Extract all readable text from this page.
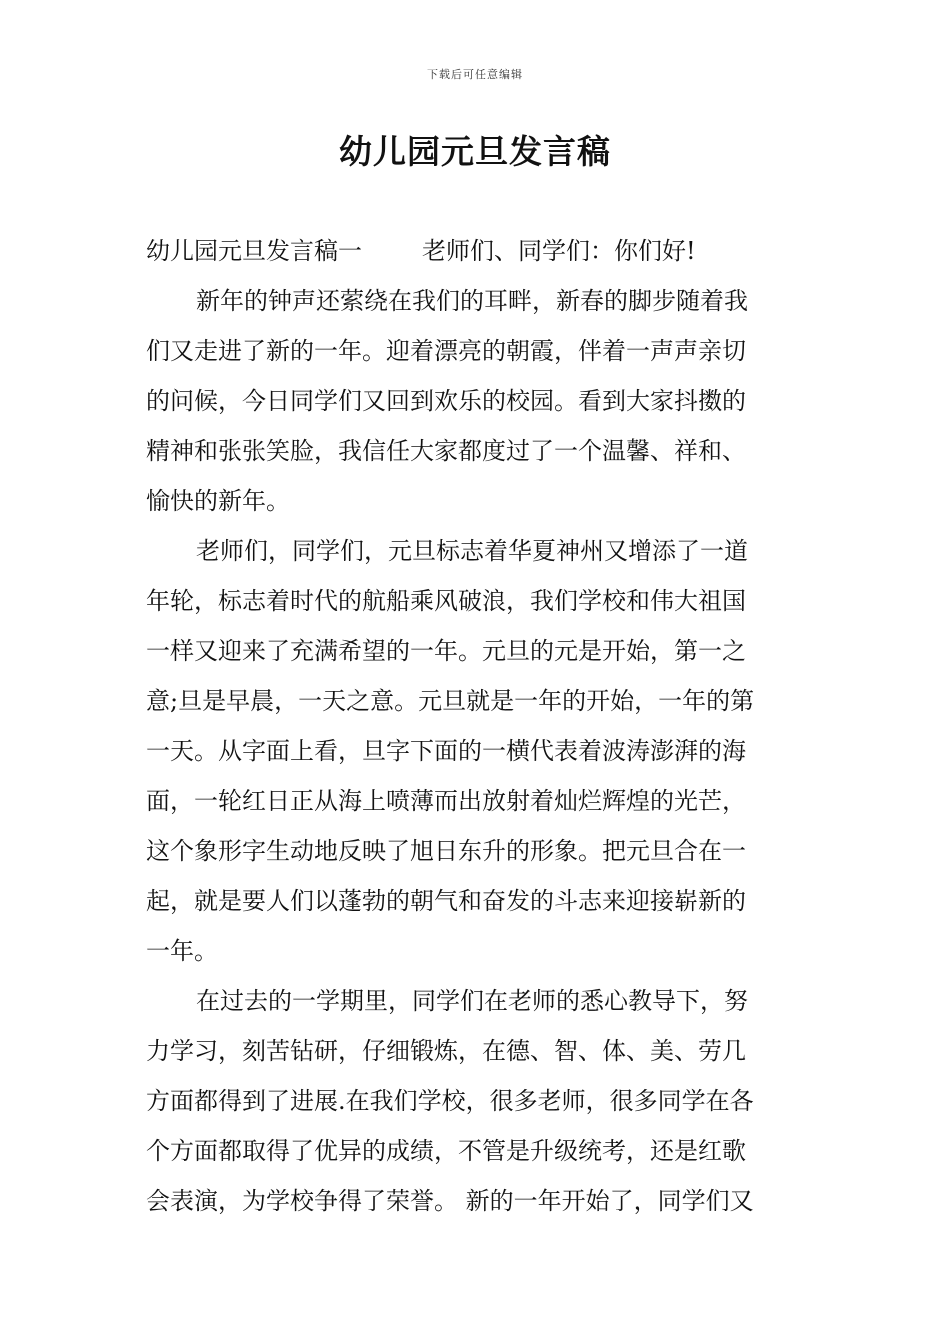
下载后可任意编辑
幼儿园元旦发言稿
幼儿园元旦发言稿一	老师们、同学们：你们好!
新年的钟声还萦绕在我们的耳畔，新春的脚步随着我
们又走进了新的一年。迎着漂亮的朝霞，伴着一声声亲切
的问候，今日同学们又回到欢乐的校园。看到大家抖擞的
精神和张张笑脸，我信任大家都度过了一个温馨、祥和、
愉快的新年。
老师们，同学们，元旦标志着华夏神州又增添了一道
年轮，标志着时代的航船乘风破浪，我们学校和伟大祖国
一样又迎来了充满希望的一年。元旦的元是开始，第一之
意;旦是早晨，一天之意。元旦就是一年的开始，一年的第
一天。从字面上看，旦字下面的一横代表着波涛澎湃的海
面，一轮红日正从海上喷薄而出放射着灿烂辉煌的光芒，
这个象形字生动地反映了旭日东升的形象。把元旦合在一
起，就是要人们以蓬勃的朝气和奋发的斗志来迎接崭新的
一年。
在过去的一学期里，同学们在老师的悉心教导下，努
力学习，刻苦钻研，仔细锻炼，在德、智、体、美、劳几
方面都得到了进展.在我们学校，很多老师，很多同学在各
个方面都取得了优异的成绩，不管是升级统考，还是红歌
会表演，为学校争得了荣誉。 新的一年开始了，同学们又
